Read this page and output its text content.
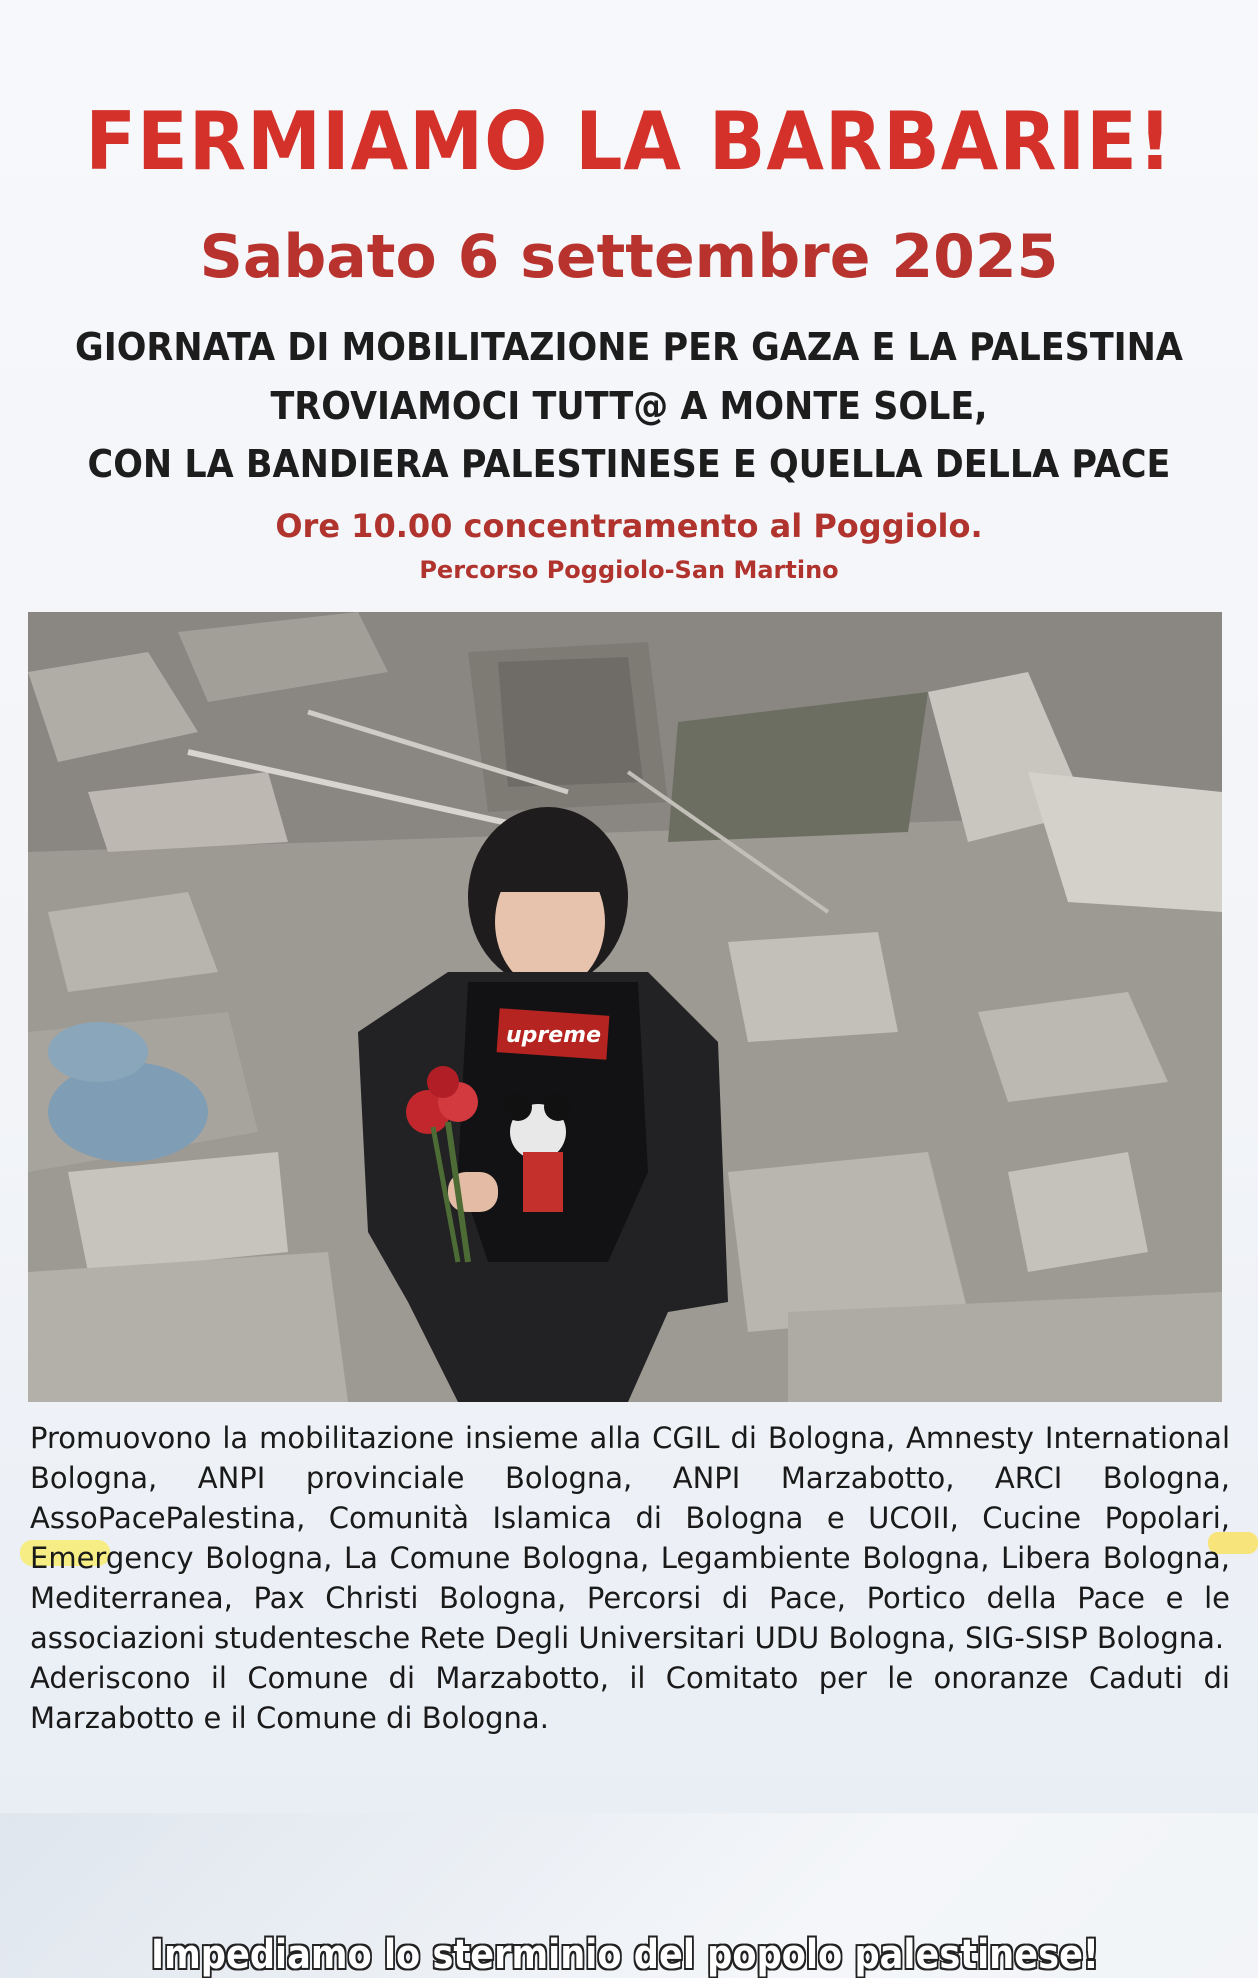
FERMIAMO LA BARBARIE!
Sabato 6 settembre 2025
GIORNATA DI MOBILITAZIONE PER GAZA E LA PALESTINA
TROVIAMOCI TUTT@ A MONTE SOLE,
CON LA BANDIERA PALESTINESE E QUELLA DELLA PACE
Ore 10.00 concentramento al Poggiolo.
Percorso Poggiolo-San Martino
upreme
Impediamo lo sterminio del popolo palestinese!

Promuovono la mobilitazione insieme alla CGIL di Bologna, Amnesty International Bologna, ANPI provinciale Bologna, ANPI Marzabotto, ARCI Bologna, AssoPacePalestina, Comunità Islamica di Bologna e UCOII, Cucine Popolari, Emergency Bologna, La Comune Bologna, Legambiente Bologna, Libera Bologna, Mediterranea, Pax Christi Bologna, Percorsi di Pace, Portico della Pace e le associazioni studentesche Rete Degli Universitari UDU Bologna, SIG-SISP Bologna.

Aderiscono il Comune di Marzabotto, il Comitato per le onoranze Caduti di Marzabotto e il Comune di Bologna.
